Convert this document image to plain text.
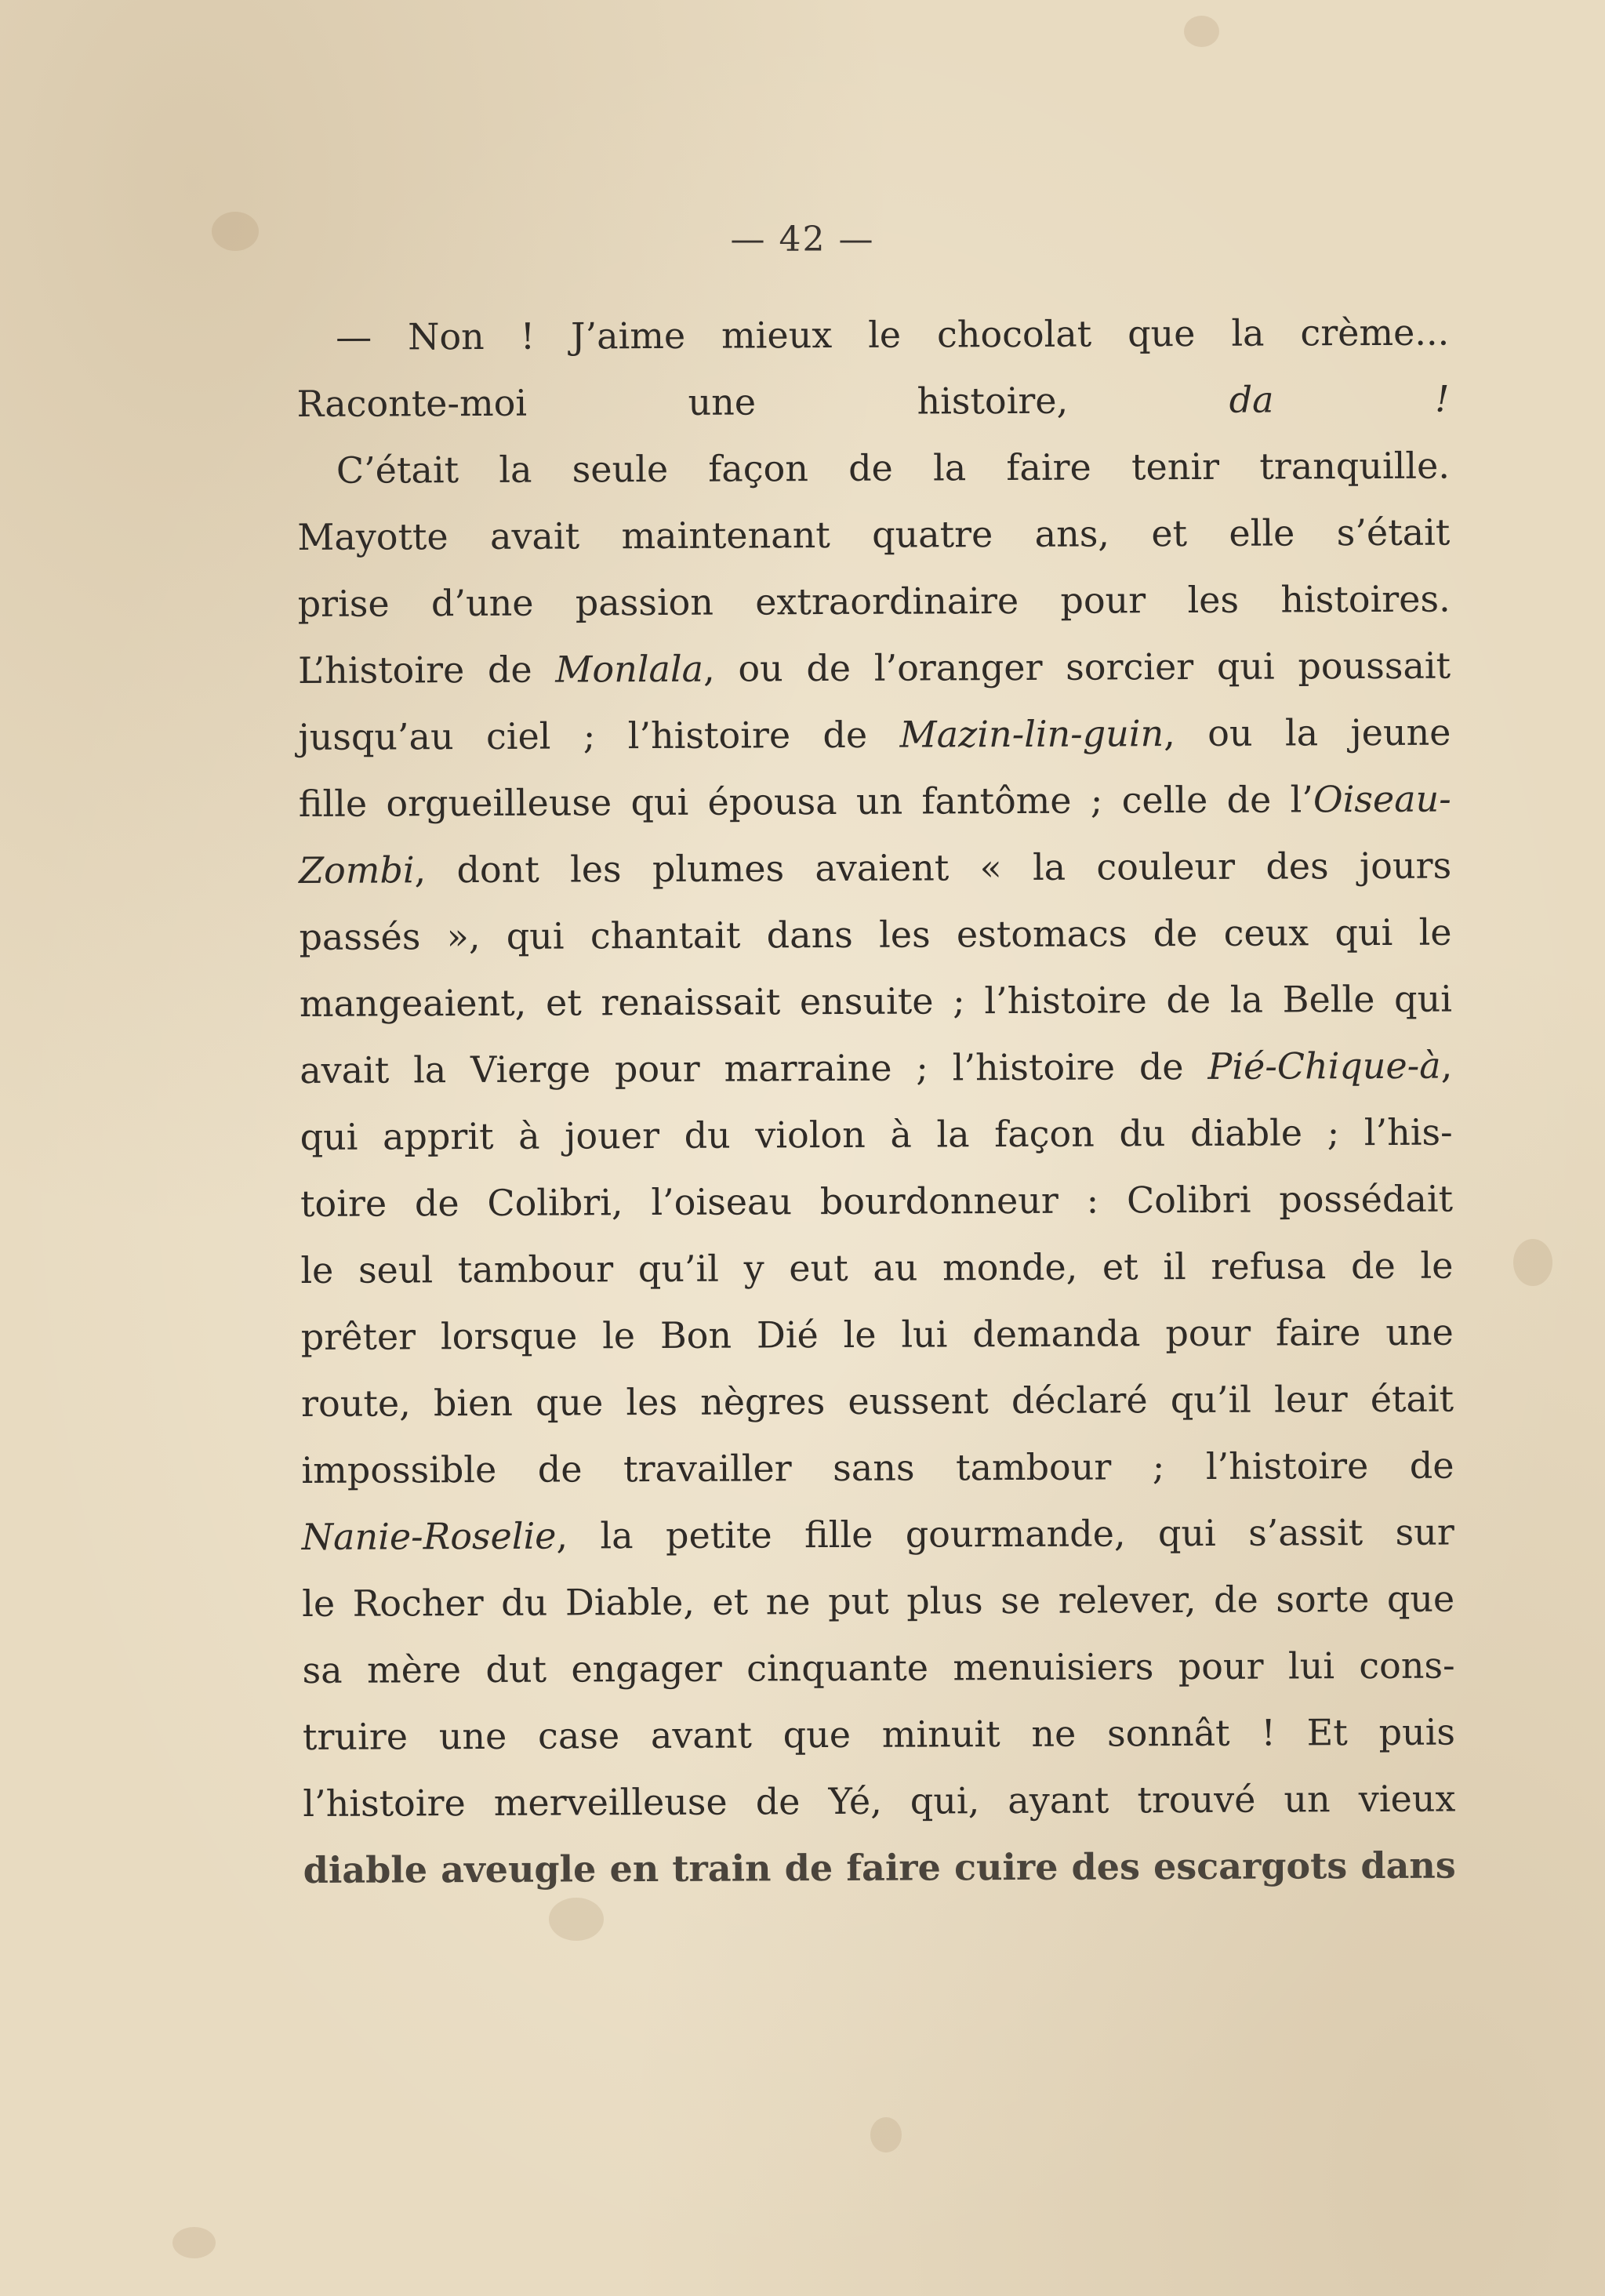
— 42 —
— Non ! J’aime mieux le chocolat que la crème...
Raconte-moi une histoire, da !
C’était la seule façon de la faire tenir tranquille.
Mayotte avait maintenant quatre ans, et elle s’était
prise d’une passion extraordinaire pour les histoires.
L’histoire de Monlala, ou de l’oranger sorcier qui poussait
jusqu’au ciel ; l’histoire de Mazin-lin-guin, ou la jeune
fille orgueilleuse qui épousa un fantôme ; celle de l’Oiseau-
Zombi, dont les plumes avaient « la couleur des jours
passés », qui chantait dans les estomacs de ceux qui le
mangeaient, et renaissait ensuite ; l’histoire de la Belle qui
avait la Vierge pour marraine ; l’histoire de Pié-Chique-à,
qui apprit à jouer du violon à la façon du diable ; l’his-
toire de Colibri, l’oiseau bourdonneur : Colibri possédait
le seul tambour qu’il y eut au monde, et il refusa de le
prêter lorsque le Bon Dié le lui demanda pour faire une
route, bien que les nègres eussent déclaré qu’il leur était
impossible de travailler sans tambour ; l’histoire de
Nanie-Roselie, la petite fille gourmande, qui s’assit sur
le Rocher du Diable, et ne put plus se relever, de sorte que
sa mère dut engager cinquante menuisiers pour lui cons-
truire une case avant que minuit ne sonnât ! Et puis
l’histoire merveilleuse de Yé, qui, ayant trouvé un vieux
diable aveugle en train de faire cuire des escargots dans
